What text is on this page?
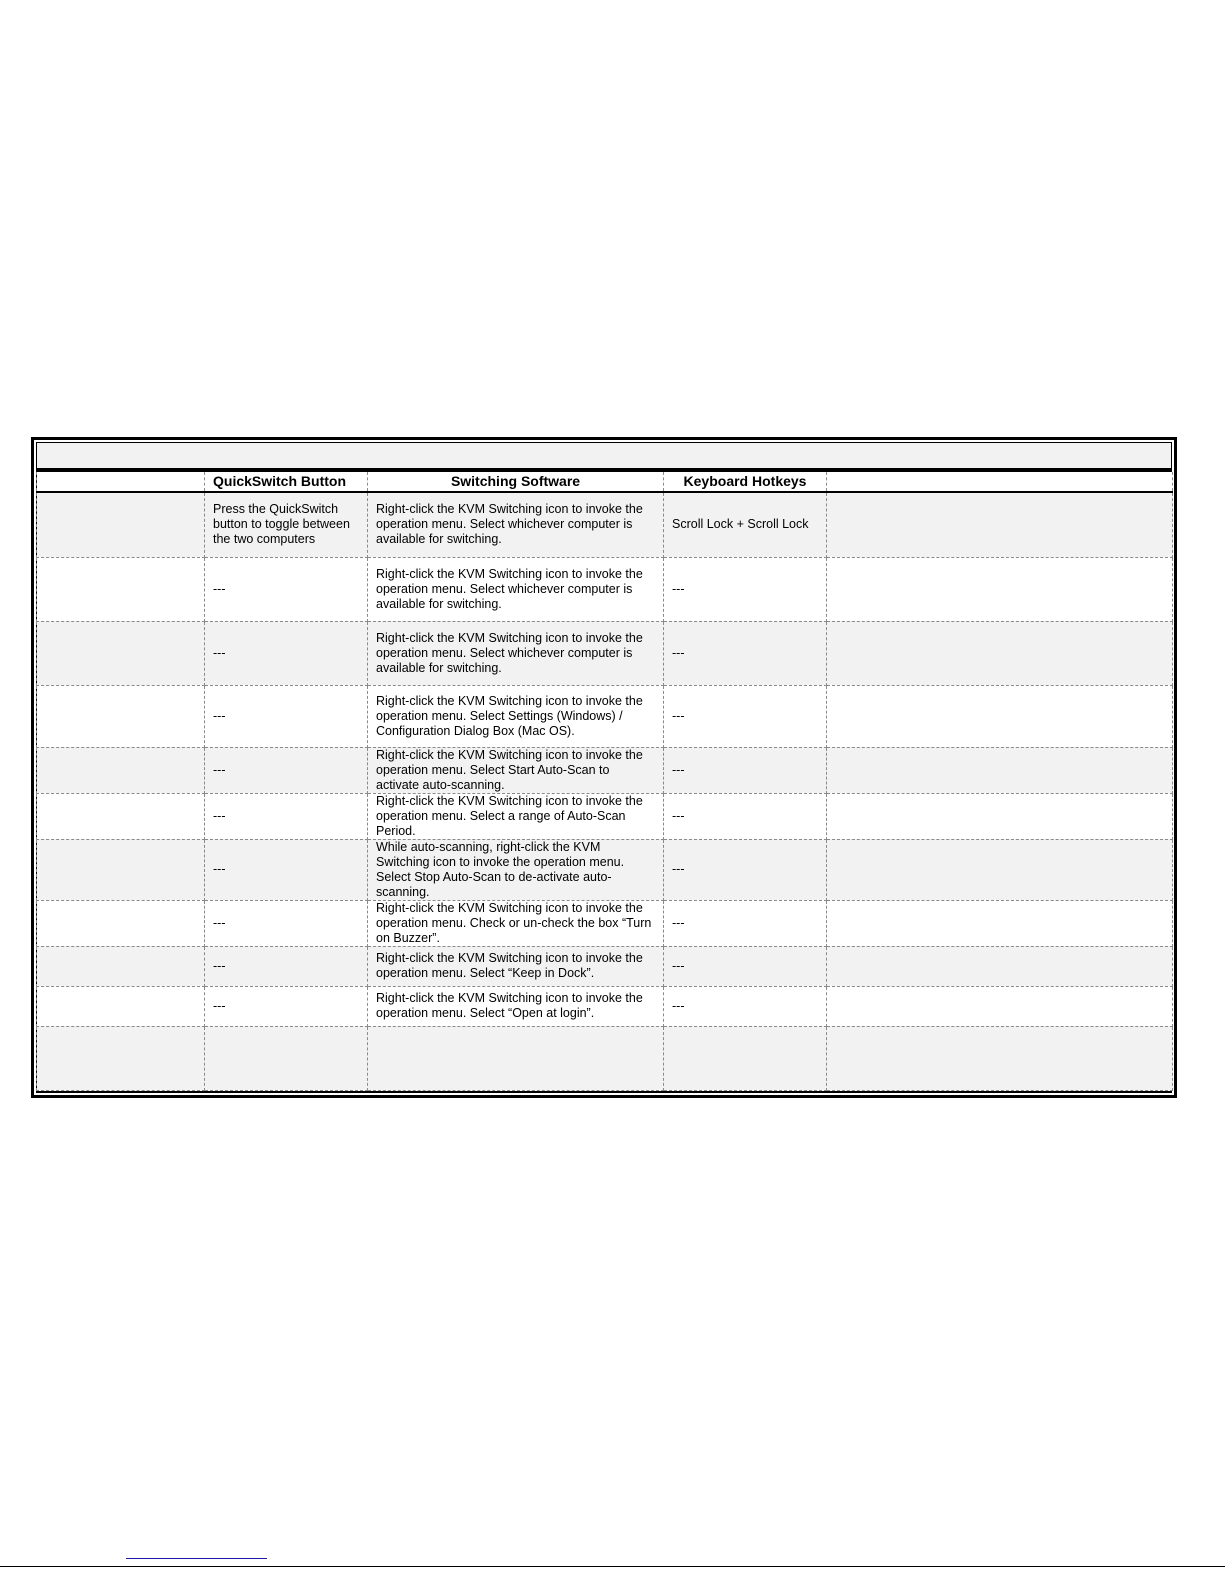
	QuickSwitch Button	Switching Software	Keyboard Hotkeys	
	Press the QuickSwitch button to toggle between the two computers	Right-click the KVM Switching icon to invoke the operation menu. Select whichever computer is available for switching.	Scroll Lock + Scroll Lock	
	---	Right-click the KVM Switching icon to invoke the operation menu. Select whichever computer is available for switching.	---	
	---	Right-click the KVM Switching icon to invoke the operation menu. Select whichever computer is available for switching.	---	
	---	Right-click the KVM Switching icon to invoke the operation menu. Select Settings (Windows) / Configuration Dialog Box (Mac OS).	---	
	---	Right-click the KVM Switching icon to invoke the operation menu. Select Start Auto-Scan to activate auto-scanning.	---	
	---	Right-click the KVM Switching icon to invoke the operation menu. Select a range of Auto-Scan Period.	---	
	---	While auto-scanning, right-click the KVM Switching icon to invoke the operation menu. Select Stop Auto-Scan to de-activate auto-scanning.	---	
	---	Right-click the KVM Switching icon to invoke the operation menu. Check or un-check the box “Turn on Buzzer”.	---	
	---	Right-click the KVM Switching icon to invoke the operation menu. Select “Keep in Dock”.	---	
	---	Right-click the KVM Switching icon to invoke the operation menu. Select “Open at login”.	---	
